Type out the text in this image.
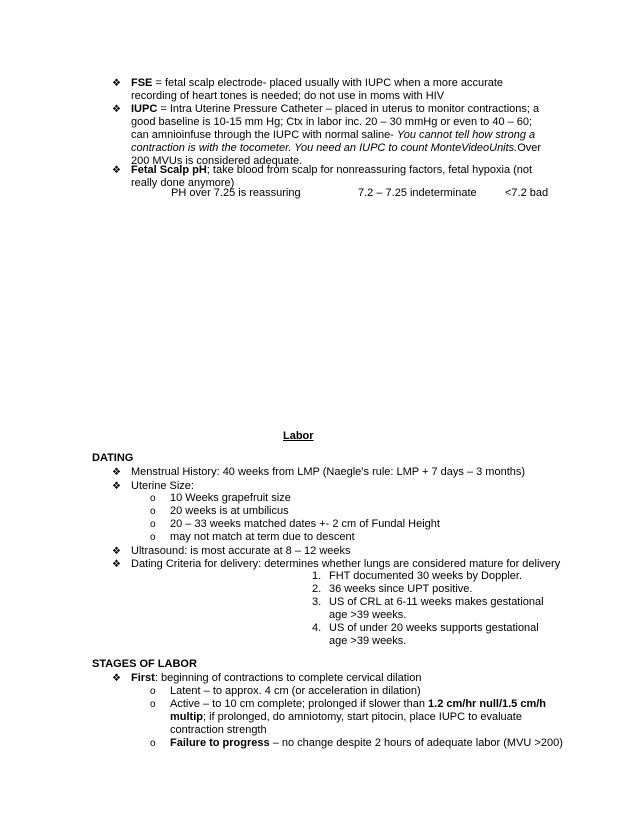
❖ FSE = fetal scalp electrode- placed usually with IUPC when a more accurate recording of heart tones is needed; do not use in moms with HIV
❖ IUPC = Intra Uterine Pressure Catheter – placed in uterus to monitor contractions; a good baseline is 10-15 mm Hg; Ctx in labor inc. 20 – 30 mmHg or even to 40 – 60; can amnioinfuse through the IUPC with normal saline- You cannot tell how strong a contraction is with the tocometer. You need an IUPC to count MonteVideoUnits.Over 200 MVUs is considered adequate.
❖ Fetal Scalp pH; take blood from scalp for nonreassuring factors, fetal hypoxia (not really done anymore)
PH over 7.25 is reassuring	7.2 – 7.25 indeterminate	<7.2 bad
Labor
DATING
❖ Menstrual History: 40 weeks from LMP (Naegle’s rule: LMP + 7 days – 3 months)
❖ Uterine Size:
o 10 Weeks grapefruit size
o 20 weeks is at umbilicus
o 20 – 33 weeks matched dates +- 2 cm of Fundal Height
o may not match at term due to descent
❖ Ultrasound: is most accurate at 8 – 12 weeks
❖ Dating Criteria for delivery: determines whether lungs are considered mature for delivery
1. FHT documented 30 weeks by Doppler.
2. 36 weeks since UPT positive.
3. US of CRL at 6-11 weeks makes gestational
age >39 weeks.
4. US of under 20 weeks supports gestational
age >39 weeks.
STAGES OF LABOR
❖ First: beginning of contractions to complete cervical dilation
o Latent – to approx. 4 cm (or acceleration in dilation)
o Active – to 10 cm complete; prolonged if slower than 1.2 cm/hr null/1.5 cm/h multip; if prolonged, do amniotomy, start pitocin, place IUPC to evaluate contraction strength
o Failure to progress – no change despite 2 hours of adequate labor (MVU >200)
